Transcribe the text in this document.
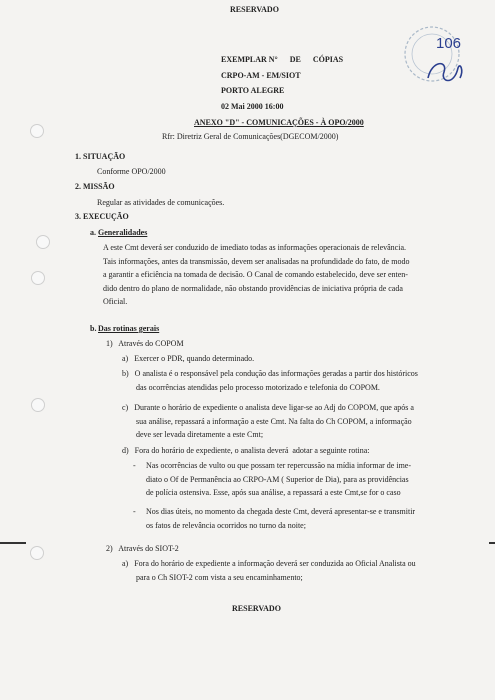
106
RESERVADO
EXEMPLAR N°      DE      CÓPIAS
CRPO-AM - EM/SIOT
PORTO ALEGRE
02 Mai 2000 16:00
ANEXO "D" - COMUNICAÇÕES - À OPO/2000
Rfr: Diretriz Geral de Comunicações(DGECOM/2000)
1. SITUAÇÃO
Conforme OPO/2000
2. MISSÃO
Regular as atividades de comunicações.
3. EXECUÇÃO
a. Generalidades
A este Cmt deverá ser conduzido de imediato todas as informações operacionais de relevância.
Tais informações, antes da transmissão, devem ser analisadas na profundidade do fato, de modo
a garantir a eficiência na tomada de decisão. O Canal de comando estabelecido, deve ser enten-
dido dentro do plano de normalidade, não obstando providências de iniciativa própria de cada
Oficial.
b. Das rotinas gerais
1)   Através do COPOM
a)   Exercer o PDR, quando determinado.
b)   O analista é o responsável pela condução das informações geradas a partir dos históricos
das ocorrências atendidas pelo processo motorizado e telefonia do COPOM.
c)   Durante o horário de expediente o analista deve ligar-se ao Adj do COPOM, que após a
sua análise, repassará a informação a este Cmt. Na falta do Ch COPOM, a informação
deve ser levada diretamente a este Cmt;
d)   Fora do horário de expediente, o analista deverá  adotar a seguinte rotina:
- Nas ocorrências de vulto ou que possam ter repercussão na mídia informar de ime-
diato o Of de Permanência ao CRPO-AM ( Superior de Dia), para as providências
de polícia ostensiva. Esse, após sua análise, a repassará a este Cmt,se for o caso
- Nos dias úteis, no momento da chegada deste Cmt, deverá apresentar-se e transmitir
os fatos de relevância ocorridos no turno da noite;
2)   Através do SIOT-2
a)   Fora do horário de expediente a informação deverá ser conduzida ao Oficial Analista ou
para o Ch SIOT-2 com vista a seu encaminhamento;
RESERVADO
